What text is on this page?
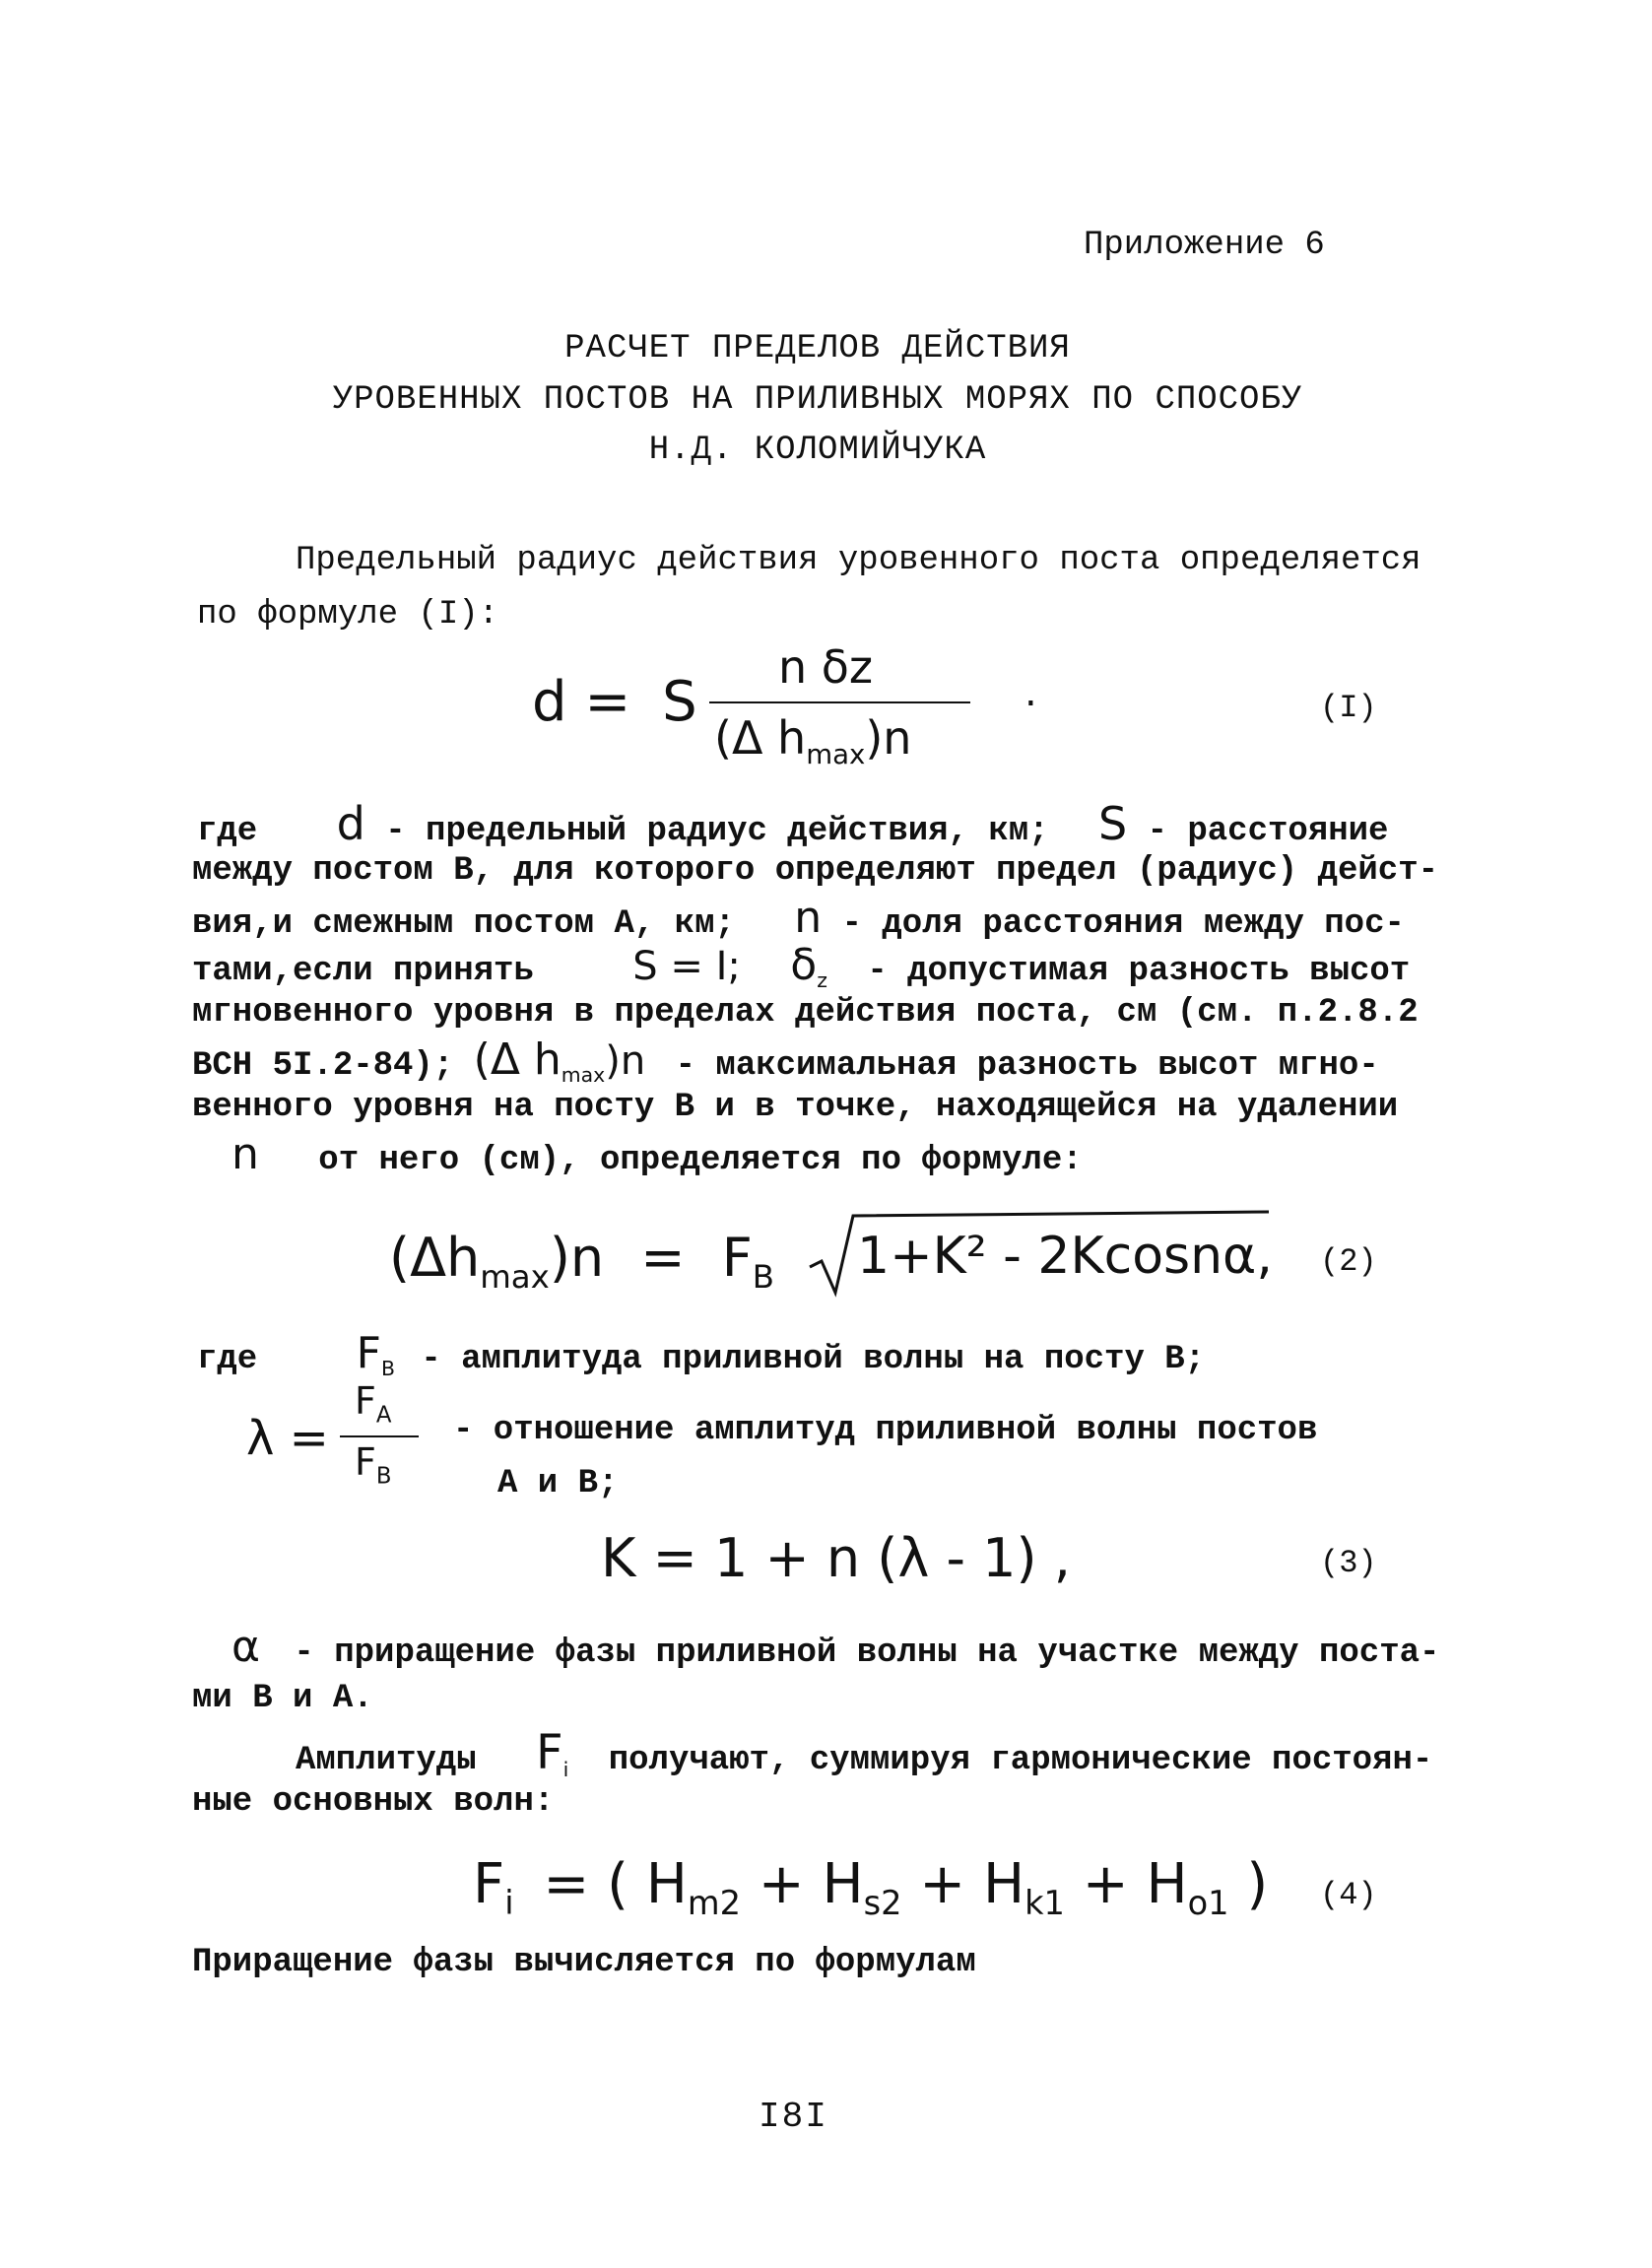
Приложение 6
РАСЧЕТ ПРЕДЕЛОВ ДЕЙСТВИЯ
УРОВЕННЫХ ПОСТОВ НА ПРИЛИВНЫХ МОРЯХ ПО СПОСОБУ
Н.Д. КОЛОМИЙЧУКА
Предельный радиус действия уровенного поста определяется
по формуле (I):
d = S
n δz
(Δ $h_{max})n$
.	(I)
где d - предельный радиус действия, км; S - расстояние
между постом В, для которого определяют предел (радиус) дейст-
вия,и смежным постом А, км; n - доля расстояния между пос-
тами,если принять	S = I; $\delta_z$ - допустимая разность высот
мгновенного уровня в пределах действия поста, см (см. п.2.8.2
ВСН 5I.2-84); (Δ $h_{max})n$ - максимальная разность высот мгно-
венного уровня на посту В и в точке, находящейся на удалении
n от него (см), определяется по формуле:
$(\Delta h_{max})n = F_B$ 1+K² - 2Kcosnα, (2)
где $F_B$ - амплитуда приливной волны на посту В;
λ =
$F_A$
$F_B$
- отношение амплитуд приливной волны постов
А и В;
K = 1 + n (λ - 1) ,	(3)
α - приращение фазы приливной волны на участке между поста-
ми В и А.
Амплитуды $F_i$ получают, суммируя гармонические постоян-
ные основных волн:
$F_i$ = ( $H_{m2} + H_{s2} + H_{k1} + H_{o1}$ ) (4)
Приращение фазы вычисляется по формулам
I8I
